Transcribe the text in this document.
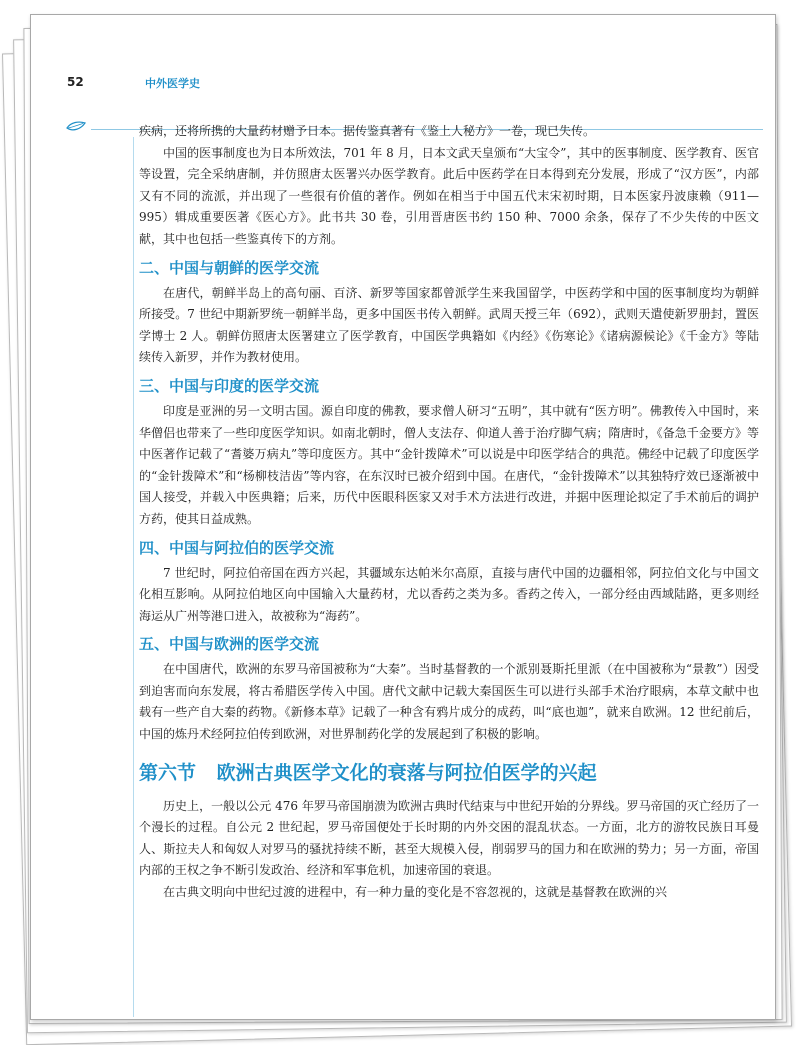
52	中外医学史

疾病，还将所携的大量药材赠予日本。据传鉴真著有《鉴上人秘方》一卷，现已失传。

中国的医事制度也为日本所效法，701 年 8 月，日本文武天皇颁布“大宝令”，其中的医事制度、医学教育、医官等设置，完全采纳唐制，并仿照唐太医署兴办医学教育。此后中医药学在日本得到充分发展，形成了“汉方医”，内部又有不同的流派，并出现了一些很有价值的著作。例如在相当于中国五代末宋初时期，日本医家丹波康赖（911—995）辑成重要医著《医心方》。此书共 30 卷，引用晋唐医书约 150 种、7000 余条，保存了不少失传的中医文献，其中也包括一些鉴真传下的方剂。

二、中国与朝鲜的医学交流

在唐代，朝鲜半岛上的高句丽、百济、新罗等国家都曾派学生来我国留学，中医药学和中国的医事制度均为朝鲜所接受。7 世纪中期新罗统一朝鲜半岛，更多中国医书传入朝鲜。武周天授三年（692），武则天遣使新罗册封，置医学博士 2 人。朝鲜仿照唐太医署建立了医学教育，中国医学典籍如《内经》《伤寒论》《诸病源候论》《千金方》等陆续传入新罗，并作为教材使用。

三、中国与印度的医学交流

印度是亚洲的另一文明古国。源自印度的佛教，要求僧人研习“五明”，其中就有“医方明”。佛教传入中国时，来华僧侣也带来了一些印度医学知识。如南北朝时，僧人支法存、仰道人善于治疗脚气病；隋唐时，《备急千金要方》等中医著作记载了“耆婆万病丸”等印度医方。其中“金针拨障术”可以说是中印医学结合的典范。佛经中记载了印度医学的“金针拨障术”和“杨柳枝洁齿”等内容，在东汉时已被介绍到中国。在唐代，“金针拨障术”以其独特疗效已逐渐被中国人接受，并载入中医典籍；后来，历代中医眼科医家又对手术方法进行改进，并据中医理论拟定了手术前后的调护方药，使其日益成熟。

四、中国与阿拉伯的医学交流

7 世纪时，阿拉伯帝国在西方兴起，其疆域东达帕米尔高原，直接与唐代中国的边疆相邻，阿拉伯文化与中国文化相互影响。从阿拉伯地区向中国输入大量药材，尤以香药之类为多。香药之传入，一部分经由西域陆路，更多则经海运从广州等港口进入，故被称为“海药”。

五、中国与欧洲的医学交流

在中国唐代，欧洲的东罗马帝国被称为“大秦”。当时基督教的一个派别聂斯托里派（在中国被称为“景教”）因受到迫害而向东发展，将古希腊医学传入中国。唐代文献中记载大秦国医生可以进行头部手术治疗眼病，本草文献中也载有一些产自大秦的药物。《新修本草》记载了一种含有鸦片成分的成药，叫“底也迦”，就来自欧洲。12 世纪前后，中国的炼丹术经阿拉伯传到欧洲，对世界制药化学的发展起到了积极的影响。

第六节 欧洲古典医学文化的衰落与阿拉伯医学的兴起

历史上，一般以公元 476 年罗马帝国崩溃为欧洲古典时代结束与中世纪开始的分界线。罗马帝国的灭亡经历了一个漫长的过程。自公元 2 世纪起，罗马帝国便处于长时期的内外交困的混乱状态。一方面，北方的游牧民族日耳曼人、斯拉夫人和匈奴人对罗马的骚扰持续不断，甚至大规模入侵，削弱罗马的国力和在欧洲的势力；另一方面，帝国内部的王权之争不断引发政治、经济和军事危机，加速帝国的衰退。

在古典文明向中世纪过渡的进程中，有一种力量的变化是不容忽视的，这就是基督教在欧洲的兴
